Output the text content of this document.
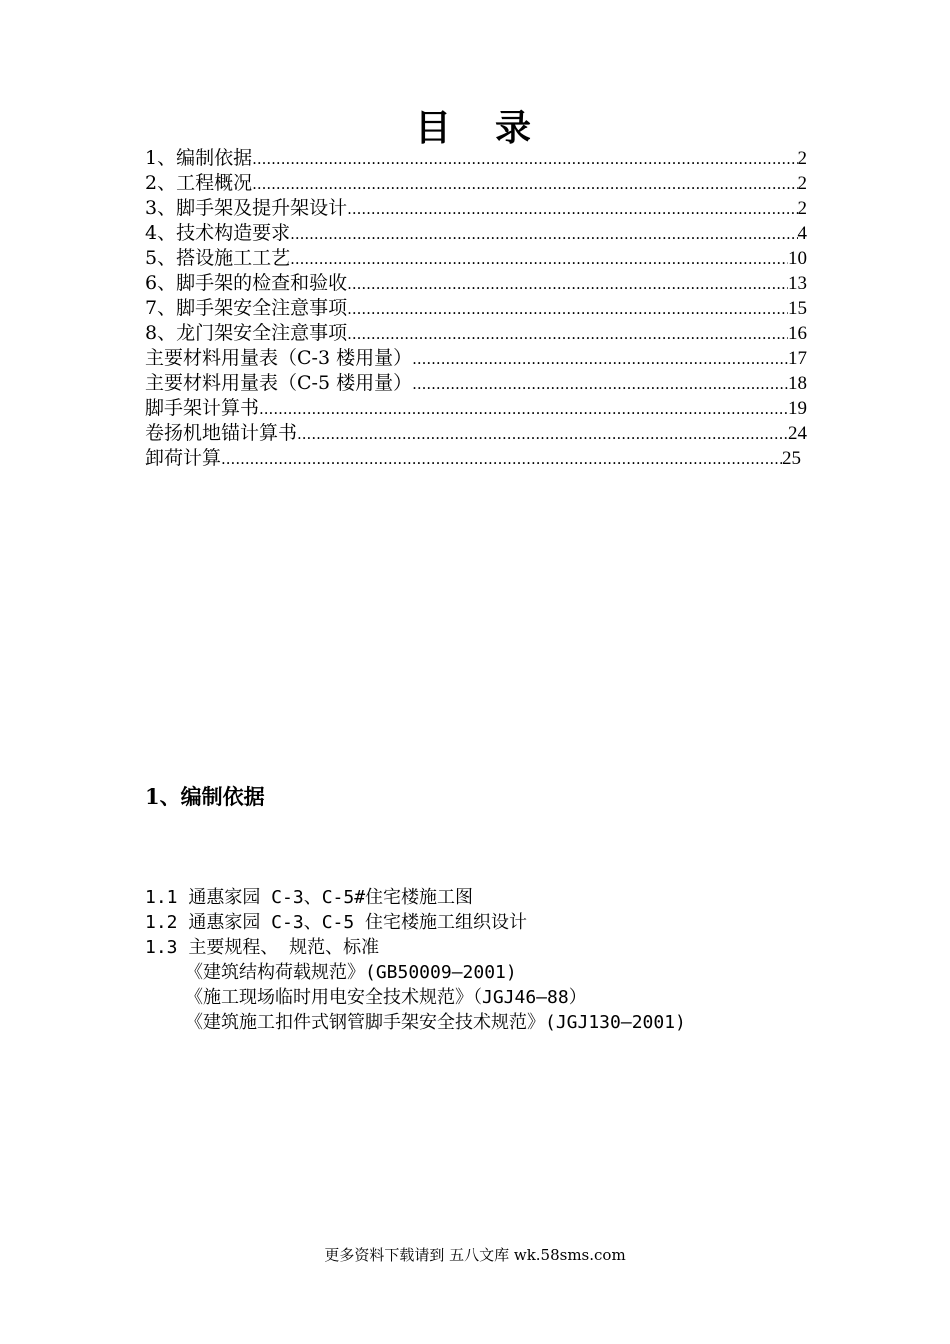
目 录
1、编制依据 .....	2
2、工程概况 .....	2
3、脚手架及提升架设计 .....	2
4、技术构造要求 .....	4
5、搭设施工工艺 .....	10
6、脚手架的检查和验收 .....	13
7、脚手架安全注意事项 .....	15
8、龙门架安全注意事项 .....	16
主要材料用量表（C-3 楼用量） .....	17
主要材料用量表（C-5 楼用量） .....	18
脚手架计算书 .....	19
卷扬机地锚计算书 .....	24
卸荷计算 .....	25
1、编制依据
1.1 通惠家园 C-3、C-5#住宅楼施工图
1.2 通惠家园 C-3、C-5 住宅楼施工组织设计
1.3 主要规程、 规范、标准
《建筑结构荷载规范》(GB50009—2001)
《施工现场临时用电安全技术规范》（JGJ46—88）
《建筑施工扣件式钢管脚手架安全技术规范》(JGJ130—2001)
更多资料下载请到 五八文库 wk.58sms.com
